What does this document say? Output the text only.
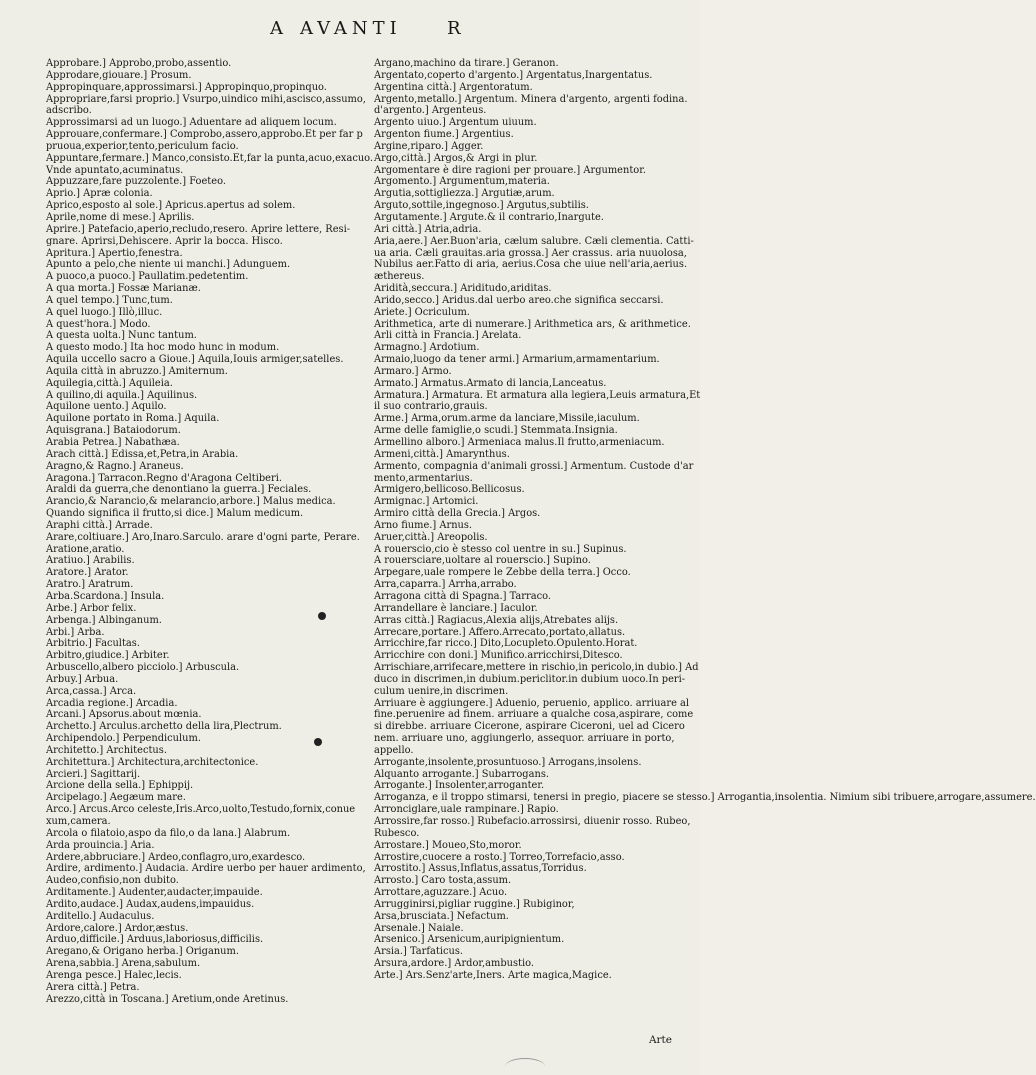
A AVANTI	R
Approbare.] Approbo,probo,assentio.
Approdare,giouare.] Prosum.
Appropinquare,approssimarsi.] Appropinquo,propinquo.
Appropriare,farsi proprio.] Vsurpo,uindico mihi,ascisco,assumo,
adscribo.
Approssimarsi ad un luogo.] Aduentare ad aliquem locum.
Approuare,confermare.] Comprobo,assero,approbo.Et per far p
pruoua,experior,tento,periculum facio.
Appuntare,fermare.] Manco,consisto.Et,far la punta,acuo,exacuo.
Vnde apuntato,acuminatus.
Appuzzare,fare puzzolente.] Foeteo.
Aprio.] Apræ colonia.
Aprico,esposto al sole.] Apricus.apertus ad solem.
Aprile,nome di mese.] Aprilis.
Aprire.] Patefacio,aperio,recludo,resero. Aprire lettere, Resi-
gnare. Aprirsi,Dehiscere. Aprir la bocca. Hisco.
Apritura.] Apertio,fenestra.
Apunto a pelo,che niente ui manchi.] Adunguem.
A puoco,a puoco.] Paullatim.pedetentim.
A qua morta.] Fossæ Marianæ.
A quel tempo.] Tunc,tum.
A quel luogo.] Illò,illuc.
A quest'hora.] Modo.
A questa uolta.] Nunc tantum.
A questo modo.] Ita hoc modo hunc in modum.
Aquila uccello sacro a Gioue.] Aquila,Iouis armiger,satelles.
Aquila città in abruzzo.] Amiternum.
Aquilegia,città.] Aquileia.
A quilino,di aquila.] Aquilinus.
Aquilone uento.] Aquilo.
Aquilone portato in Roma.] Aquila.
Aquisgrana.] Bataiodorum.
Arabia Petrea.] Nabathæa.
Arach città.] Edissa,et,Petra,in Arabia.
Aragno,& Ragno.] Araneus.
Aragona.] Tarracon.Regno d'Aragona Celtiberi.
Araldi da guerra,che denontiano la guerra.] Feciales.
Arancio,& Narancio,& melarancio,arbore.] Malus medica.
Quando significa il frutto,si dice.] Malum medicum.
Araphi città.] Arrade.
Arare,coltiuare.] Aro,Inaro.Sarculo. arare d'ogni parte, Perare.
Aratione,aratio.
Aratiuo.] Arabilis.
Aratore.] Arator.
Aratro.] Aratrum.
Arba.Scardona.] Insula.
Arbe.] Arbor felix.
Arbenga.] Albinganum.
Arbi.] Arba.
Arbitrio.] Facultas.
Arbitro,giudice.] Arbiter.
Arbuscello,albero picciolo.] Arbuscula.
Arbuy.] Arbua.
Arca,cassa.] Arca.
Arcadia regione.] Arcadia.
Arcani.] Apsorus.about mœnia.
Archetto.] Arculus.archetto della lira,Plectrum.
Archipendolo.] Perpendiculum.
Architetto.] Architectus.
Architettura.] Architectura,architectonice.
Arcieri.] Sagittarij.
Arcione della sella.] Ephippij.
Arcipelago.] Aegæum mare.
Arco.] Arcus.Arco celeste,Iris.Arco,uolto,Testudo,fornix,conue
xum,camera.
Arcola o filatoio,aspo da filo,o da lana.] Alabrum.
Arda prouincia.] Aria.
Ardere,abbruciare.] Ardeo,conflagro,uro,exardesco.
Ardire, ardimento.] Audacia. Ardire uerbo per hauer ardimento,
Audeo,confisio,non dubito.
Arditamente.] Audenter,audacter,impauide.
Ardito,audace.] Audax,audens,impauidus.
Arditello.] Audaculus.
Ardore,calore.] Ardor,æstus.
Arduo,difficile.] Arduus,laboriosus,difficilis.
Aregano,& Origano herba.] Origanum.
Arena,sabbia.] Arena,sabulum.
Arenga pesce.] Halec,lecis.
Arera città.] Petra.
Arezzo,città in Toscana.] Aretium,onde Aretinus.
Argano,machino da tirare.] Geranon.
Argentato,coperto d'argento.] Argentatus,Inargentatus.
Argentina città.] Argentoratum.
Argento,metallo.] Argentum. Minera d'argento, argenti fodina.
d'argento.] Argenteus.
Argento uiuo.] Argentum uiuum.
Argenton fiume.] Argentius.
Argine,riparo.] Agger.
Argo,città.] Argos,& Argi in plur.
Argomentare è dire ragioni per prouare.] Argumentor.
Argomento.] Argumentum,materia.
Argutia,sottigliezza.] Argutiæ,arum.
Arguto,sottile,ingegnoso.] Argutus,subtilis.
Argutamente.] Argute.& il contrario,Inargute.
Ari città.] Atria,adria.
Aria,aere.] Aer.Buon'aria, cælum salubre. Cæli clementia. Catti-
ua aria. Cæli grauitas.aria grossa.] Aer crassus. aria nuuolosa,
Nubilus aer.Fatto di aria, aerius.Cosa che uiue nell'aria,aerius.
æthereus.
Aridità,seccura.] Ariditudo,ariditas.
Arido,secco.] Aridus.dal uerbo areo.che significa seccarsi.
Ariete.] Ocriculum.
Arithmetica, arte di numerare.] Arithmetica ars, & arithmetice.
Arli città in Francia.] Arelata.
Armagno.] Ardotium.
Armaio,luogo da tener armi.] Armarium,armamentarium.
Armaro.] Armo.
Armato.] Armatus.Armato di lancia,Lanceatus.
Armatura.] Armatura. Et armatura alla legiera,Leuis armatura,Et
il suo contrario,grauis.
Arme.] Arma,orum.arme da lanciare,Missile,iaculum.
Arme delle famiglie,o scudi.] Stemmata.Insignia.
Armellino alboro.] Armeniaca malus.Il frutto,armeniacum.
Armeni,città.] Amarynthus.
Armento, compagnia d'animali grossi.] Armentum. Custode d'ar
mento,armentarius.
Armigero,bellicoso.Bellicosus.
Armignac.] Artomici.
Armiro città della Grecia.] Argos.
Arno fiume.] Arnus.
Aruer,città.] Areopolis.
A rouerscio,cio è stesso col uentre in su.] Supinus.
A rouersciare,uoltare al rouerscio.] Supino.
Arpegare,uale rompere le Zebbe della terra.] Occo.
Arra,caparra.] Arrha,arrabo.
Arragona città di Spagna.] Tarraco.
Arrandellare è lanciare.] Iaculor.
Arras città.] Ragiacus,Alexia alijs,Atrebates alijs.
Arrecare,portare.] Affero.Arrecato,portato,allatus.
Arricchire,far ricco.] Dito,Locupleto.Opulento.Horat.
Arricchire con doni.] Munifico.arricchirsi,Ditesco.
Arrischiare,arrifecare,mettere in rischio,in pericolo,in dubio.] Ad
duco in discrimen,in dubium.periclitor.in dubium uoco.In peri-
culum uenire,in discrimen.
Arriuare è aggiungere.] Aduenio, peruenio, applico. arriuare al
fine.peruenire ad finem. arriuare a qualche cosa,aspirare, come
si direbbe. arriuare Cicerone, aspirare Ciceroni, uel ad Cicero
nem. arriuare uno, aggiungerlo, assequor. arriuare in porto,
appello.
Arrogante,insolente,prosuntuoso.] Arrogans,insolens.
Alquanto arrogante.] Subarrogans.
Arrogante.] Insolenter,arroganter.
Arroganza, e il troppo stimarsi, tenersi in pregio, piacere se stesso.] Arrogantia,insolentia. Nimium sibi tribuere,arrogare,assumere.
Arronciglare,uale rampinare.] Rapio.
Arrossire,far rosso.] Rubefacio.arrossirsi, diuenir rosso. Rubeo,
Rubesco.
Arrostare.] Moueo,Sto,moror.
Arrostire,cuocere a rosto.] Torreo,Torrefacio,asso.
Arrostito.] Assus,Inflatus,assatus,Torridus.
Arrosto.] Caro tosta,assum.
Arrottare,aguzzare.] Acuo.
Arrugginirsi,pigliar ruggine.] Rubiginor,
Arsa,brusciata.] Nefactum.
Arsenale.] Naiale.
Arsenico.] Arsenicum,auripignientum.
Arsia.] Tarfaticus.
Arsura,ardore.] Ardor,ambustio.
Arte.] Ars.Senz'arte,Iners. Arte magica,Magice.
Arte
